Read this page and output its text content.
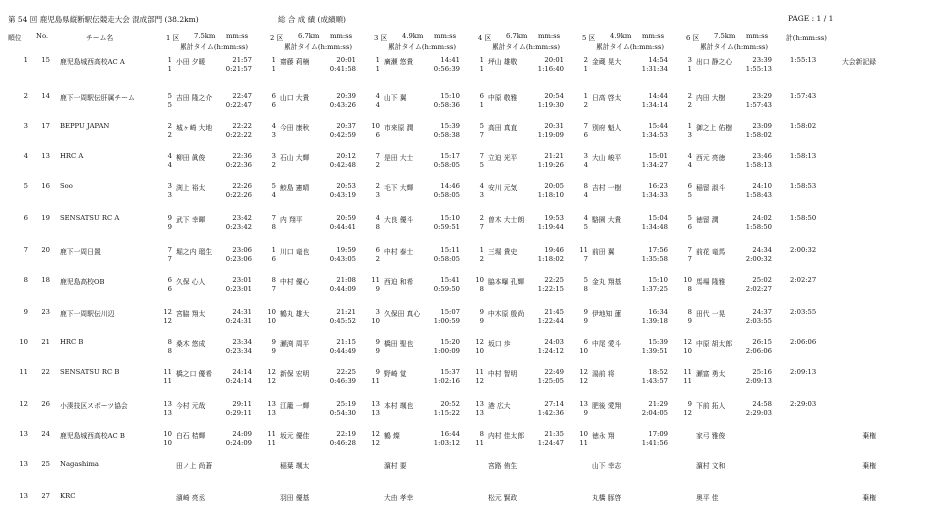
第 54 回 鹿児島県縦断駅伝競走大会 混成部門 (38.2km)	総 合 成 績 (成績順)	PAGE : 1 / 1
順位 No.	チーム名	計(h:mm:ss)
1 区 7.5km mm:ss
累計タイム(h:mm:ss)
2 区 6.7km mm:ss
累計タイム(h:mm:ss)
3 区 4.9km mm:ss
累計タイム(h:mm:ss)
4 区 6.7km mm:ss
累計タイム(h:mm:ss)
5 区 4.9km mm:ss
累計タイム(h:mm:ss)
6 区 7.5km mm:ss
累計タイム(h:mm:ss)
1	15 鹿児島城西高校AC A	1 小田 夕暖	21:57
1	0:21:57
1 齋藤 莉楠	20:01
1	0:41:58
1 廣瀬 悠貴	14:41
1	0:56:39
1 坪山 雄敬	20:01
1	1:16:40
2 金蔵 晃大	14:54
1	1:31:34
3 出口 静之心	23:39
1	1:55:13
1:55:13	大会新記録
2	14 鹿下一周駅伝肝属チーム	5 吉田 隆之介	22:47
5	0:22:47
6 山口 大貴	20:39
6	0:43:26
4 山下 翼	15:10
4	0:58:36
6 中原 敬雅	20:54
1	1:19:30
1 日高 啓太	14:44
2	1:34:14
2 内田 大樹	23:29
2	1:57:43
1:57:43
3	17 BEPPU JAPAN	2 城ヶ崎 大地	22:22
2	0:22:22
4 今田 康秋	20:37
3	0:42:59
10 市来原 潤	15:39
6	0:58:38
5 高田 真直	20:31
7	1:19:09
7 別府 魁人	15:44
6	1:34:53
1 御之上 佑樹	23:09
3	1:58:02
1:58:02
4	13 HRC A	4 柳田 眞俊	22:36
4	0:22:36
3 石山 大輝	20:12
2	0:42:48
7 是田 大士	15:17
2	0:58:05
7 立迫 光平	21:21
5	1:19:26
3 大山 峻平	15:01
4	1:34:27
4 西元 亮徳	23:46
4	1:58:13
1:58:13
5	16 Soo	3 渕上 裕太	22:26
3	0:22:26
5 鮫島 憲晴	20:53
4	0:43:19
2 毛下 大輝	14:46
3	0:58:05
4 安川 元気	20:05
3	1:18:10
8 吉村 一樹	16:23
4	1:34:33
6 稲留 淑斗	24:10
5	1:58:43
1:58:53
6	19 SENSATSU RC A	9 武下 幸暉	23:42
9	0:23:42
7 内 翔平	20:59
8	0:44:41
4 大良 優斗	15:10
8	0:59:51
2 曽木 大士朗	19:53
7	1:19:44
4 駱園 大貴	15:04
5	1:34:48
5 徳留 潤	24:02
6	1:58:50
1:58:50
7	20 鹿下一周日置	7 堀之内 瑠生	23:06
7	0:23:06
1 川口 竜也	19:59
6	0:43:05
6 中村 泰士	15:11
2	0:58:05
1 三堀 貴史	19:46
2	1:18:02
11 前田 翼	17:56
7	1:35:58
7 前花 竜馬	24:34
7	2:00:32
2:00:32
8	18 鹿児島高校OB	6 久保 心人	23:01
6	0:23:01
8 中村 優心	21:08
7	0:44:09
11 西迫 和希	15:41
9	0:59:50
10 脇本曝 孔輝	22:25
8	1:22:15
5 金丸 翔基	15:10
8	1:37:25
10 馬場 隆雅	25:02
8	2:02:27
2:02:27
9	23 鹿下一周駅伝川辺	12 宮脇 翔太	24:31
12	0:24:31
10 鶴丸 雄大	21:21
10	0:45:52
3 久保田 真心	15:07
10	1:00:59
9 中木原 殷尚	21:45
9	1:22:44
9 伊地知 蓮	16:34
9	1:39:18
8 田代 一晃	24:37
9	2:03:55
2:03:55
10	21 HRC B	8 桑木 悠成	23:34
8	0:23:34
9 瀬渕 周平	21:15
9	0:44:49
9 橋田 聖也	15:20
9	1:00:09
12 坂口 歩	24:03
10	1:24:12
6 中尾 愛斗	15:39
10	1:39:51
12 中原 胡太郎	26:15
10	2:06:06
2:06:06
11	22 SENSATSU RC B	11 橋之口 優希	24:14
11	0:24:14
12 新保 宏明	22:25
12	0:46:39
9 野崎 覚	15:37
11	1:02:16
11 中村 智明	22:49
12	1:25:05
12 湯前 将	18:52
12	1:43:57
11 瀬富 勇太	25:16
11	2:09:13
2:09:13
12	26 小湊技区スポーツ協会	13 今村 元哉	29:11
13	0:29:11
13 江籠 一輝	25:19
13	0:54:30
13 本村 颯也	20:52
13	1:15:22
13 港 広大	27:14
13	1:42:36
13 肥後 愛翔	21:29
9	2:04:05
9 下前 拓人	24:58
12	2:29:03
2:29:03
13	24 鹿児島城西高校AC B	10 白石 桔輝	24:09
10	0:24:09
11 坂元 優佳	22:19
11	0:46:28
12 鶴 燦	16:44
12	1:03:12
8 内村 佳太郎	21:35
11	1:24:47
10 徳永 翔	17:09
11	1:41:56
家弓 雅俊	棄権
13	25 Nagashima	田ノ上 尚蒼	稲葉 颯太	濵村 要	宮路 侑生	山下 幸志	濵村 文和	棄権
13	27 KRC	濱崎 亮丞	羽田 優基	大由 孝幸	松元 賢政	丸橋 豚啓	奥平 佳	棄権
